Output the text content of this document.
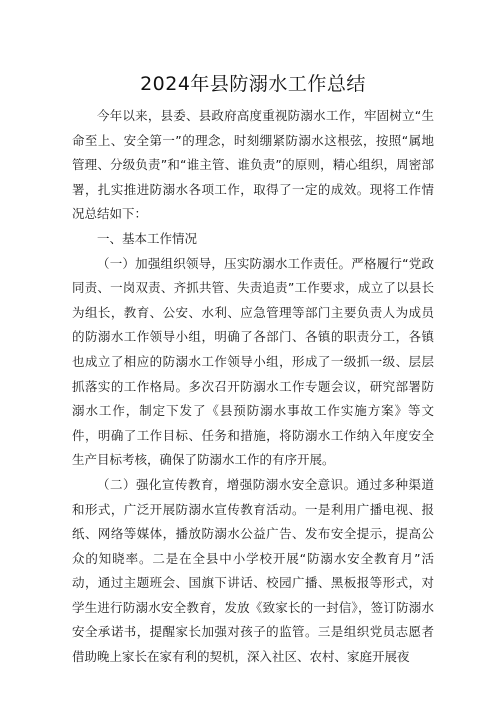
2024年县防溺水工作总结

今年以来，县委、县政府高度重视防溺水工作，牢固树立“生命至上、安全第一”的理念，时刻绷紧防溺水这根弦，按照“属地管理、分级负责”和“谁主管、谁负责”的原则，精心组织，周密部署，扎实推进防溺水各项工作，取得了一定的成效。现将工作情况总结如下：

一、基本工作情况

（一）加强组织领导，压实防溺水工作责任。严格履行“党政同责、一岗双责、齐抓共管、失责追责”工作要求，成立了以县长为组长，教育、公安、水利、应急管理等部门主要负责人为成员的防溺水工作领导小组，明确了各部门、各镇的职责分工，各镇也成立了相应的防溺水工作领导小组，形成了一级抓一级、层层抓落实的工作格局。多次召开防溺水工作专题会议，研究部署防溺水工作，制定下发了《县预防溺水事故工作实施方案》等文件，明确了工作目标、任务和措施，将防溺水工作纳入年度安全生产目标考核，确保了防溺水工作的有序开展。

（二）强化宣传教育，增强防溺水安全意识。通过多种渠道和形式，广泛开展防溺水宣传教育活动。一是利用广播电视、报纸、网络等媒体，播放防溺水公益广告、发布安全提示，提高公众的知晓率。二是在全县中小学校开展“防溺水安全教育月”活动，通过主题班会、国旗下讲话、校园广播、黑板报等形式，对学生进行防溺水安全教育，发放《致家长的一封信》，签订防溺水安全承诺书，提醒家长加强对孩子的监管。三是组织党员志愿者借助晚上家长在家有利的契机，深入社区、农村、家庭开展夜
